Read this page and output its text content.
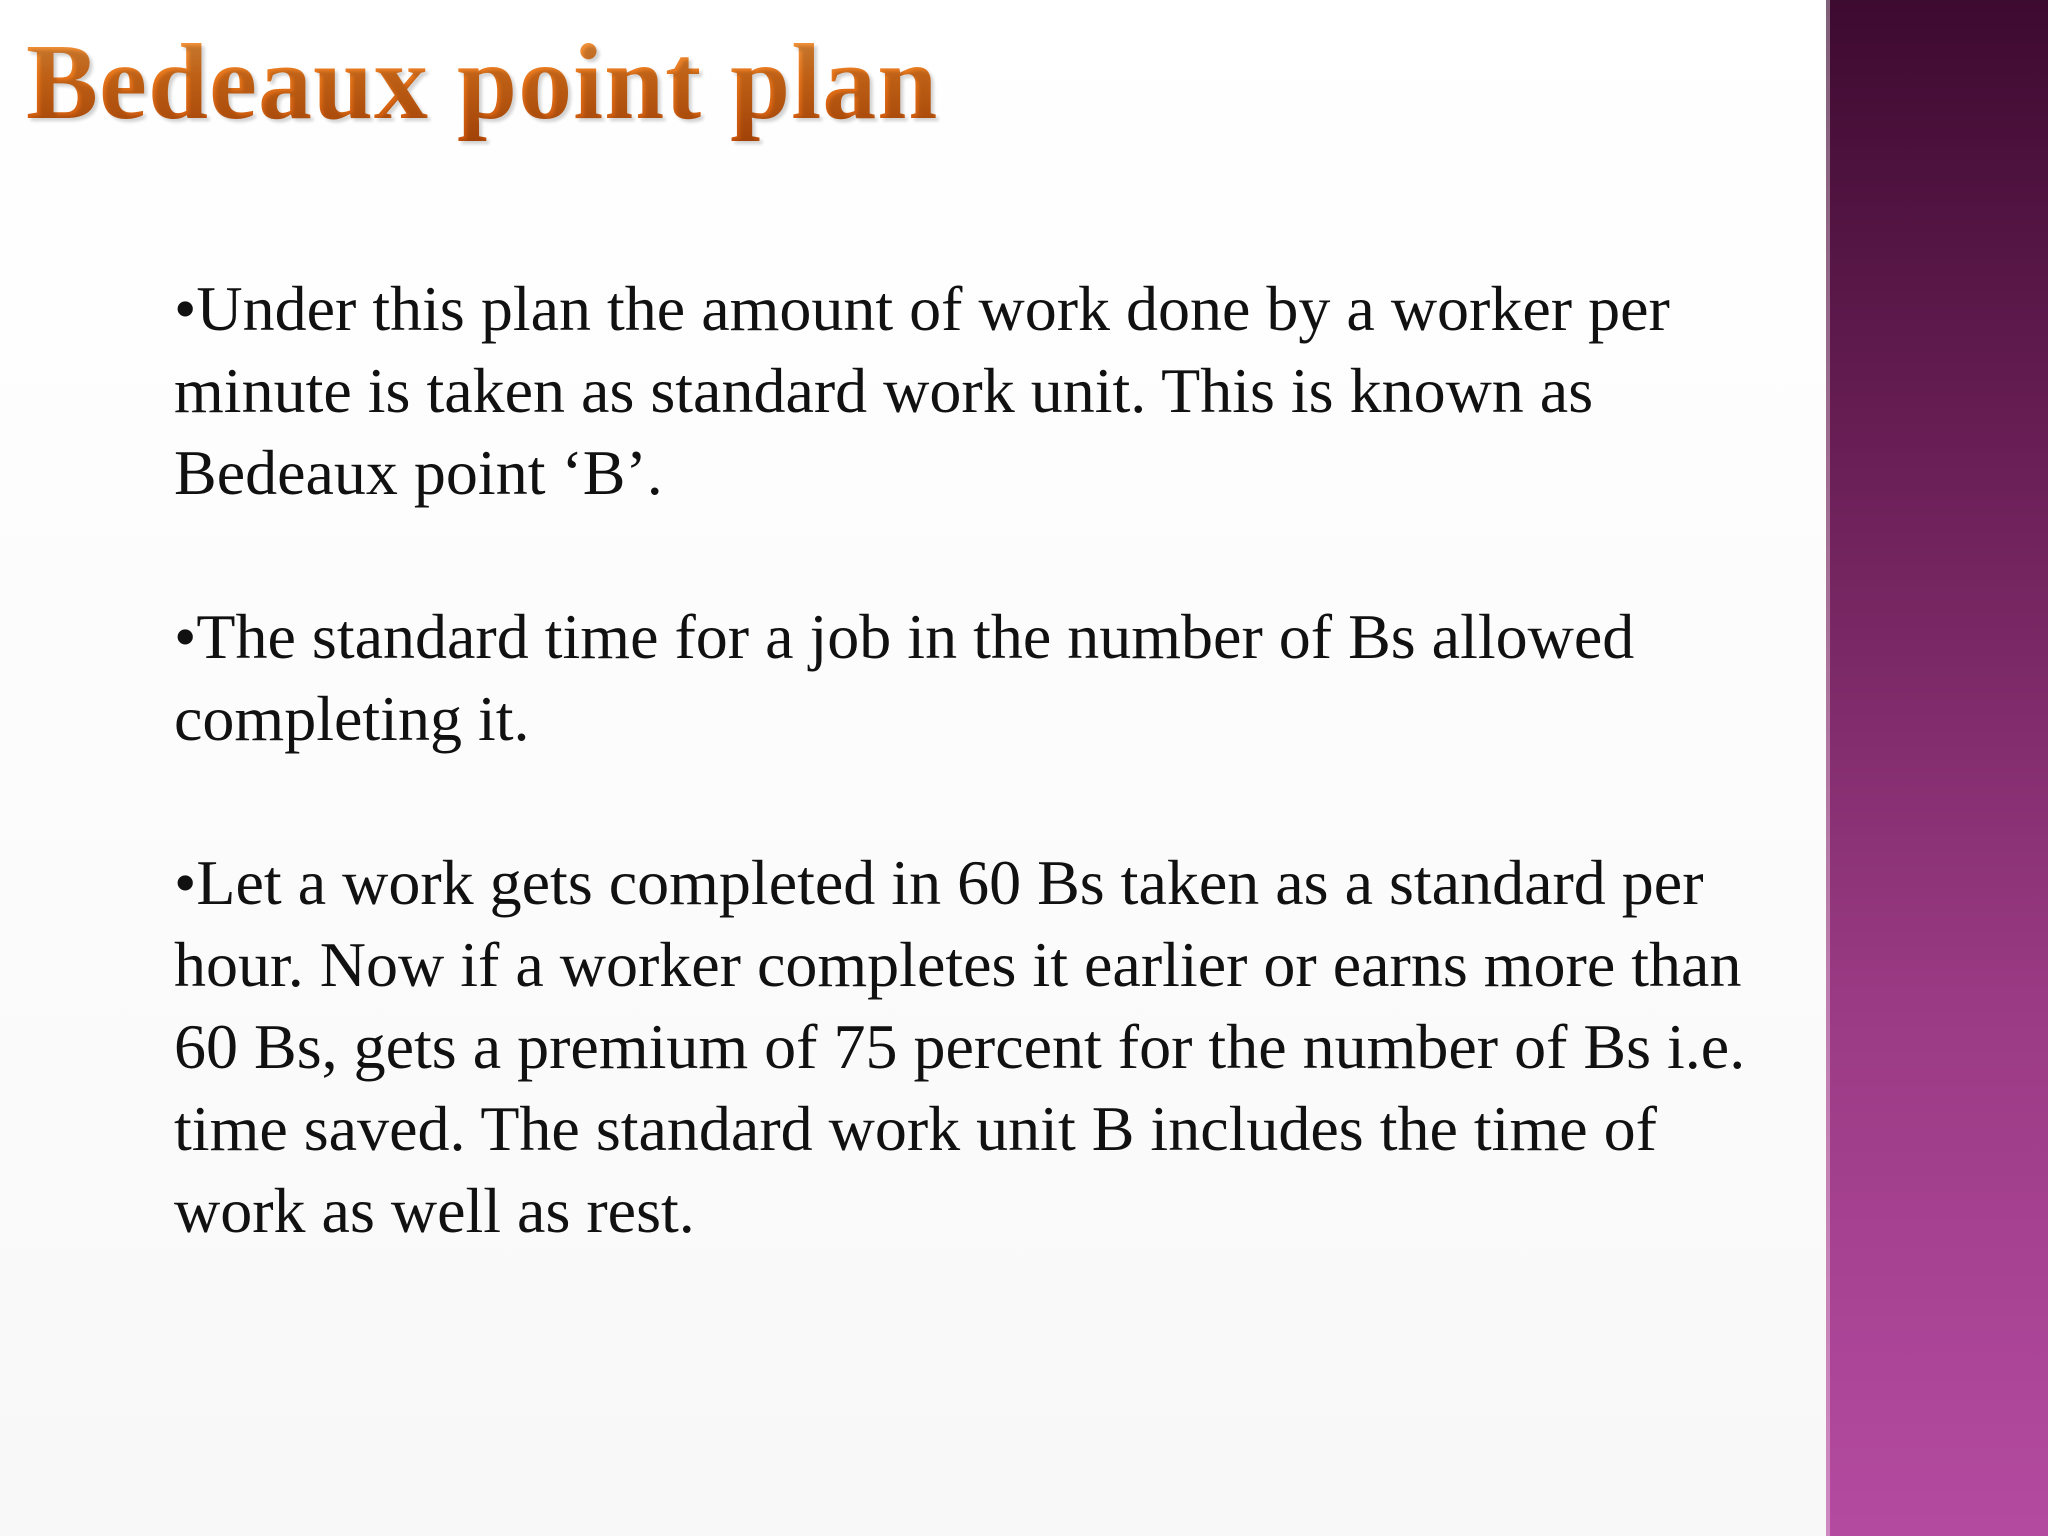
Bedeaux point plan

•Under this plan the amount of work done by a worker per minute is taken as standard work unit. This is known as Bedeaux point ‘B’.

•The standard time for a job in the number of Bs allowed completing it.

•Let a work gets completed in 60 Bs taken as a standard per hour. Now if a worker completes it earlier or earns more than 60 Bs, gets a premium of 75 percent for the number of Bs i.e. time saved. The standard work unit B includes the time of work as well as rest.
